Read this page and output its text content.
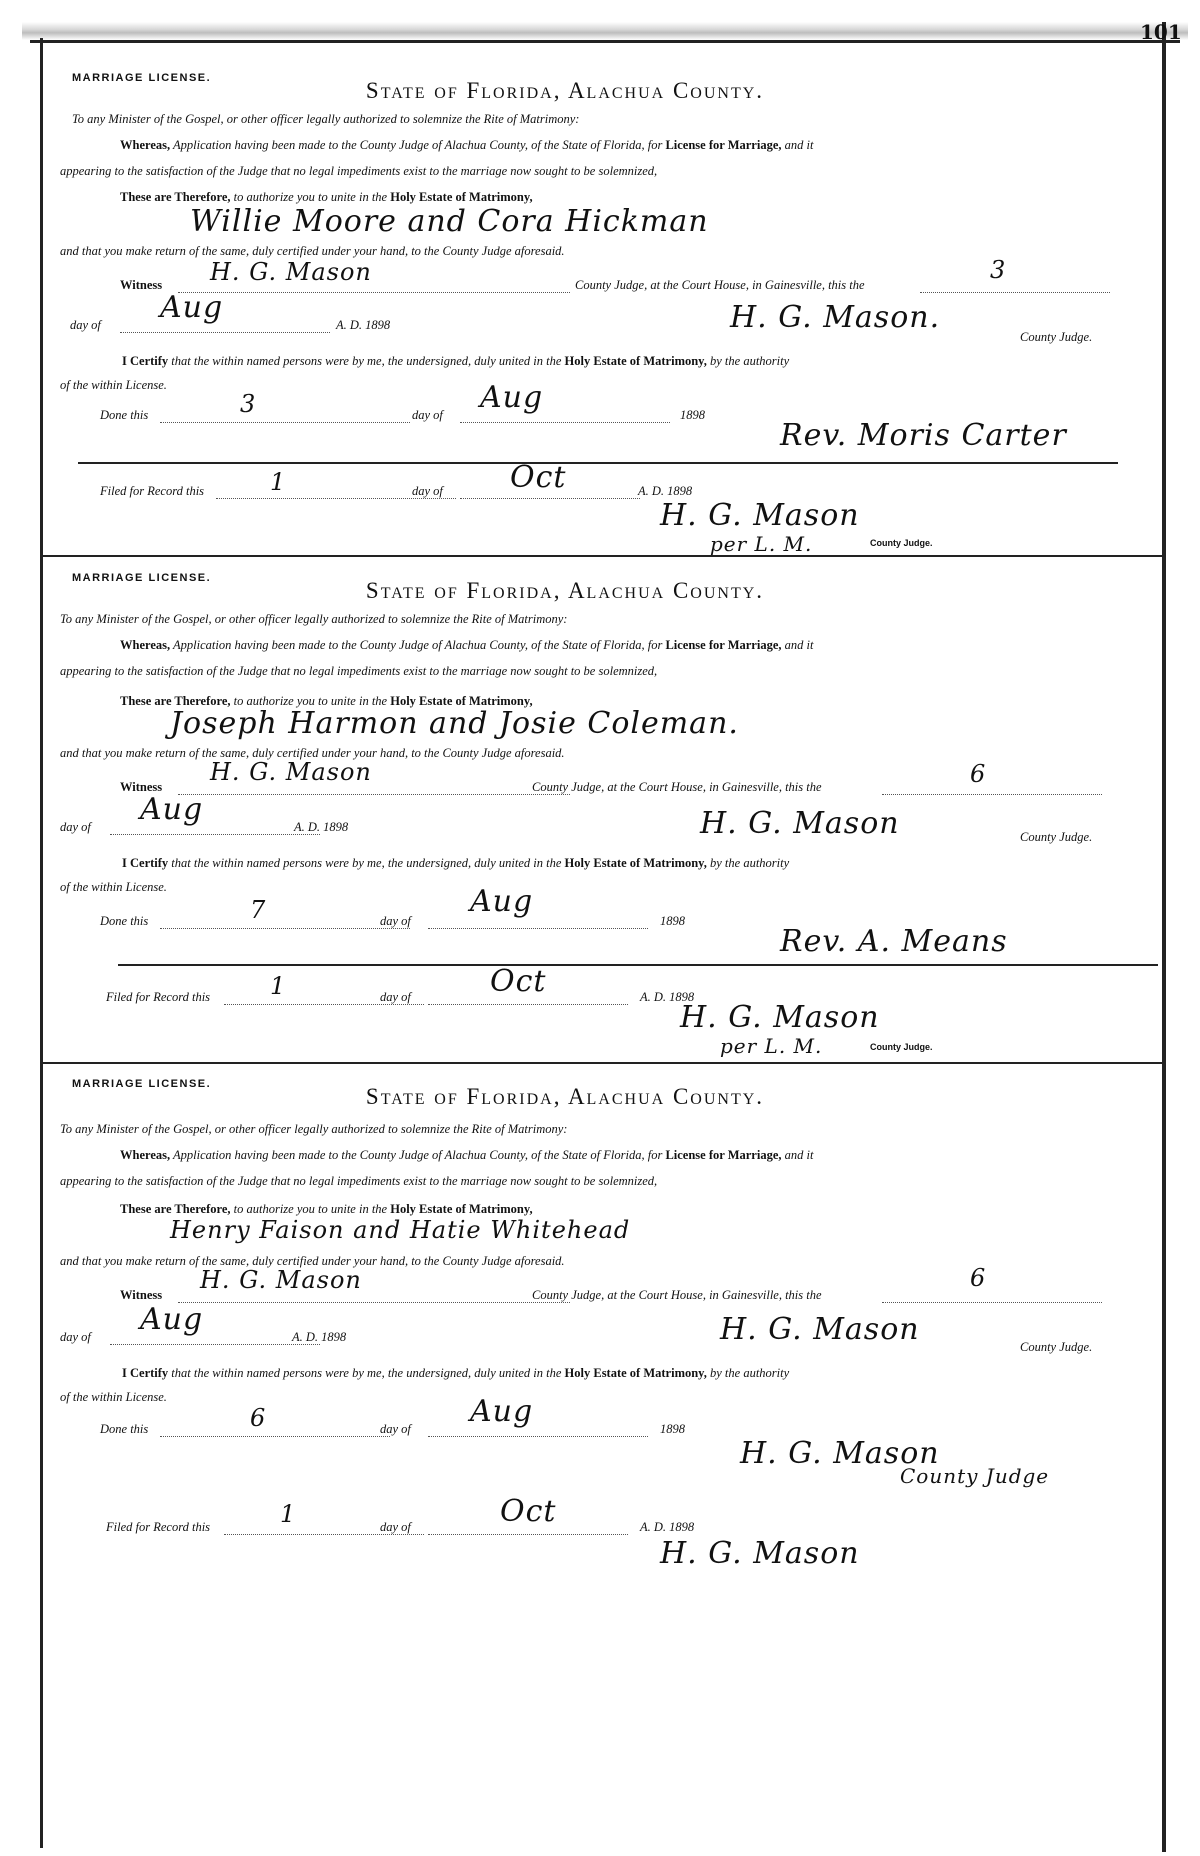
101
MARRIAGE LICENSE.	State of Florida, Alachua County.
To any Minister of the Gospel, or other officer legally authorized to solemnize the Rite of Matrimony:
Whereas, Application having been made to the County Judge of Alachua County, of the State of Florida, for License for Marriage, and it
appearing to the satisfaction of the Judge that no legal impediments exist to the marriage now sought to be solemnized,
These are Therefore, to authorize you to unite in the Holy Estate of Matrimony,
Willie Moore and Cora Hickman
and that you make return of the same, duly certified under your hand, to the County Judge aforesaid.
Witness H. G. Mason	County Judge, at the Court House, in Gainesville, this the
3
day of Aug	A. D. 1898	H. G. Mason.
County Judge.
I Certify that the within named persons were by me, the undersigned, duly united in the Holy Estate of Matrimony, by the authority
of the within License.
Done this	3	day of Aug	1898
Rev. Moris Carter
Filed for Record this	1	day of Oct	A. D. 1898
H. G. Mason
per L. M.	County Judge.
MARRIAGE LICENSE.	State of Florida, Alachua County.
To any Minister of the Gospel, or other officer legally authorized to solemnize the Rite of Matrimony:
Whereas, Application having been made to the County Judge of Alachua County, of the State of Florida, for License for Marriage, and it
appearing to the satisfaction of the Judge that no legal impediments exist to the marriage now sought to be solemnized,
These are Therefore, to authorize you to unite in the Holy Estate of Matrimony,
Joseph Harmon and Josie Coleman.
and that you make return of the same, duly certified under your hand, to the County Judge aforesaid.
Witness
H. G. Mason
County Judge, at the Court House, in Gainesville, this the	6
day of Aug	A. D. 1898	H. G. Mason	County Judge.
I Certify that the within named persons were by me, the undersigned, duly united in the Holy Estate of Matrimony, by the authority
of the within License.
Done this	7	day of
Aug
1898
Rev. A. Means
Filed for Record this 1	day of	Oct	A. D. 1898
H. G. Mason
per L. M.	County Judge.
MARRIAGE LICENSE.	State of Florida, Alachua County.
To any Minister of the Gospel, or other officer legally authorized to solemnize the Rite of Matrimony:
Whereas, Application having been made to the County Judge of Alachua County, of the State of Florida, for License for Marriage, and it
appearing to the satisfaction of the Judge that no legal impediments exist to the marriage now sought to be solemnized,
These are Therefore, to authorize you to unite in the Holy Estate of Matrimony,
Henry Faison and Hatie Whitehead
and that you make return of the same, duly certified under your hand, to the County Judge aforesaid.
Witness
H. G. Mason
County Judge, at the Court House, in Gainesville, this the
6
day of Aug	A. D. 1898	H. G. Mason	County Judge.
I Certify that the within named persons were by me, the undersigned, duly united in the Holy Estate of Matrimony, by the authority
of the within License.
Done this	6	day of Aug	1898
H. G. Mason
County Judge
Filed for Record this	1	day of	Oct	A. D. 1898
H. G. Mason
